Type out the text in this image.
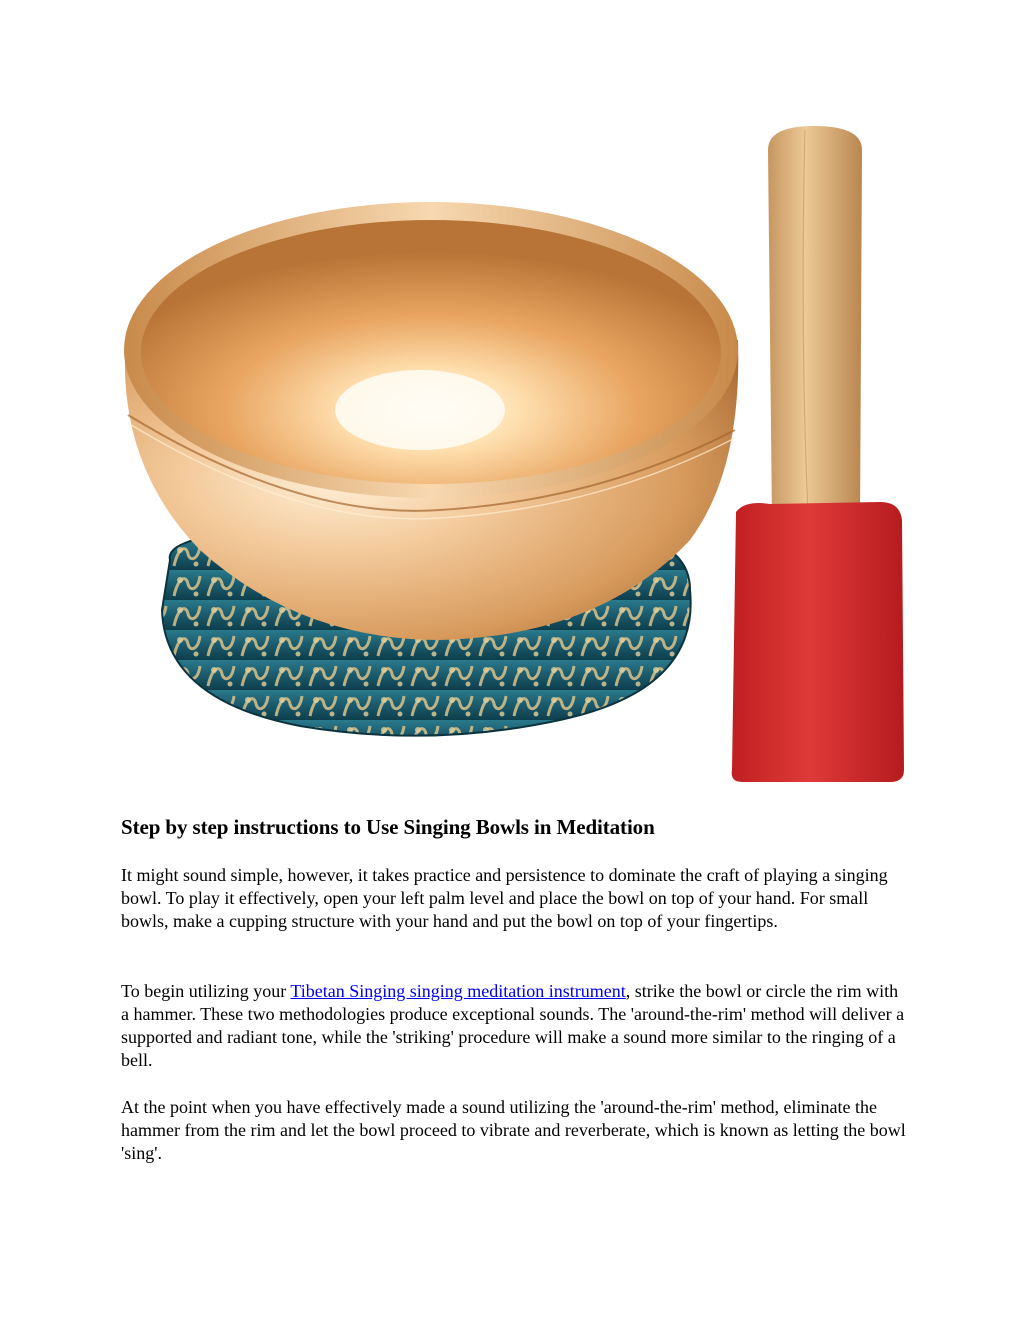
Step by step instructions to Use Singing Bowls in Meditation

It might sound simple, however, it takes practice and persistence to dominate the craft of playing a singing bowl. To play it effectively, open your left palm level and place the bowl on top of your hand. For small bowls, make a cupping structure with your hand and put the bowl on top of your fingertips.

To begin utilizing your Tibetan Singing singing meditation instrument, strike the bowl or circle the rim with a hammer. These two methodologies produce exceptional sounds. The 'around-the-rim' method will deliver a supported and radiant tone, while the 'striking' procedure will make a sound more similar to the ringing of a bell.

At the point when you have effectively made a sound utilizing the 'around-the-rim' method, eliminate the hammer from the rim and let the bowl proceed to vibrate and reverberate, which is known as letting the bowl 'sing'.
